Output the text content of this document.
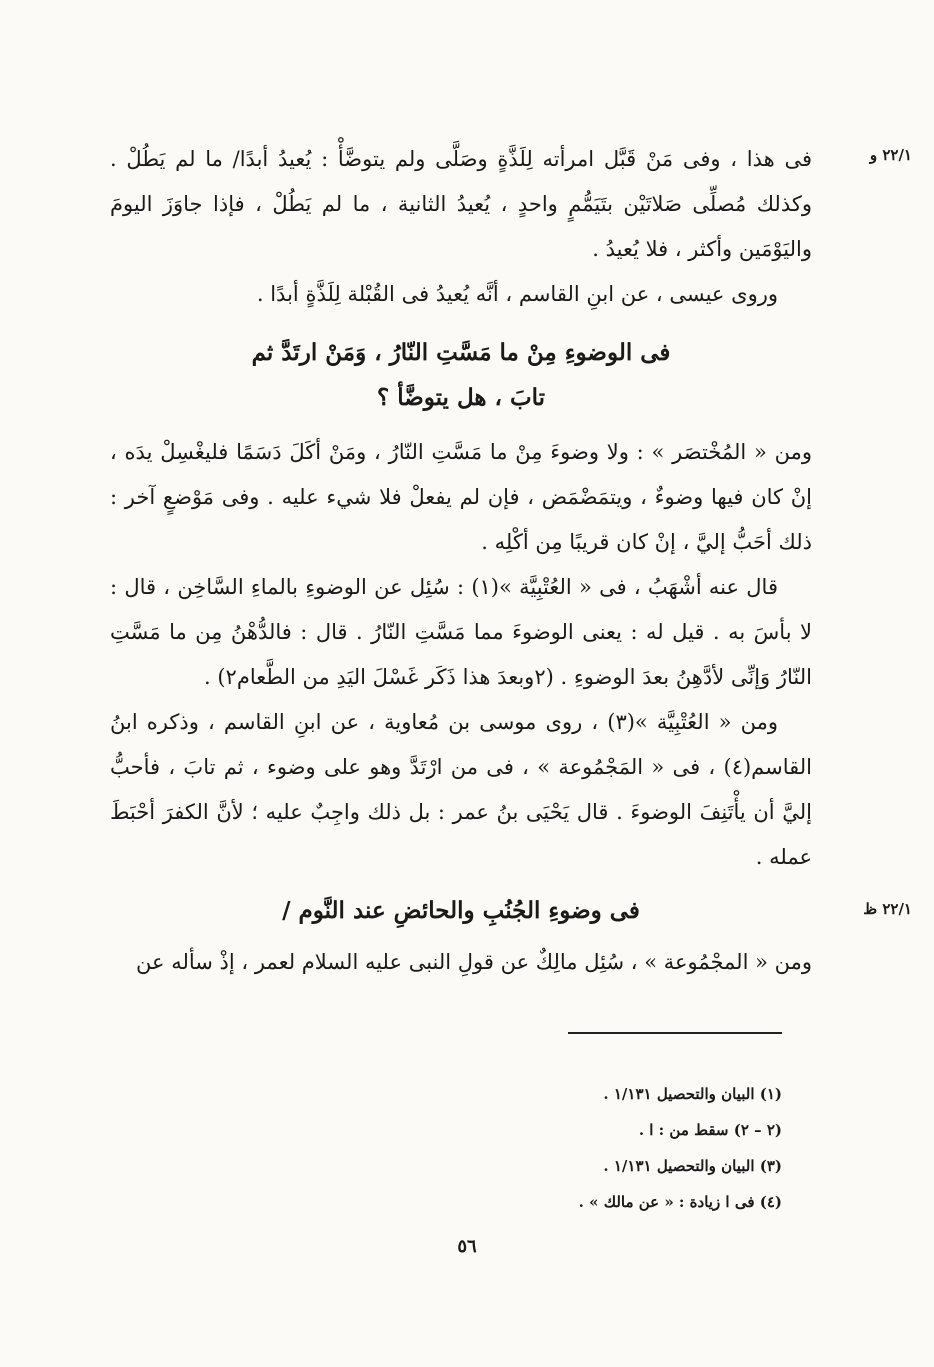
٢٢/١ و

فى هذا ، وفى مَنْ قَبَّل امرأته لِلَذَّةٍ وصَلَّى ولم يتوضَّأْ : يُعيدُ أبدًا/ ما لم يَطُلْ . وكذلك مُصلِّى صَلاتَيْن بتَيَمُّمٍ واحدٍ ، يُعيدُ الثانية ، ما لم يَطُلْ ، فإذا جاوَزَ اليومَ واليَوْمَين وأكثر ، فلا يُعيدُ .

وروى عيسى ، عن ابنِ القاسم ، أنَّه يُعيدُ فى القُبْلة لِلَذَّةٍ أبدًا .

فى الوضوءِ مِنْ ما مَسَّتِ النّارُ ، وَمَنْ ارتَدَّ ثم
تابَ ، هل يتوضَّأ ؟

ومن « المُخْتصَر » : ولا وضوءَ مِنْ ما مَسَّتِ النّارُ ، ومَنْ أكَلَ دَسَمًا فليغْسِلْ يدَه ، إنْ كان فيها وضوءٌ ، ويتمَضْمَض ، فإن لم يفعلْ فلا شيء عليه . وفى مَوْضعٍ آخر : ذلك أحَبُّ إليَّ ، إنْ كان قريبًا مِن أكْلِه .

قال عنه أشْهَبُ ، فى « العُتْبِيَّة »(١) : سُئِل عن الوضوءِ بالماءِ السَّاخِن ، قال : لا بأسَ به . قيل له : يعنى الوضوءَ مما مَسَّتِ النّارُ . قال : فالدُّهْنُ مِن ما مَسَّتِ النّارُ وَإنِّى لأدَّهِنُ بعدَ الوضوءِ . (٢وبعدَ هذا ذَكَر غَسْلَ اليَدِ من الطَّعام٢) .

ومن « العُتْبِيَّة »(٣) ، روى موسى بن مُعاوية ، عن ابنِ القاسم ، وذكره ابنُ القاسم(٤) ، فى « المَجْمُوعة » ، فى من ارْتَدَّ وهو على وضوء ، ثم تابَ ، فأحبُّ إليَّ أن يأْتَنِفَ الوضوءَ . قال يَحْيَى بنُ عمر : بل ذلك واجِبٌ عليه ؛ لأنَّ الكفرَ أحْبَطَ عمله .

٢٢/١ ظ
فى وضوءِ الجُنُبِ والحائضِ عند النَّوم /

ومن « المجْمُوعة » ، سُئِل مالِكٌ عن قولِ النبى عليه السلام لعمر ، إذْ سأله عن

(١) البيان والتحصيل ١/١٣١ .
(٢ – ٢) سقط من : ا .
(٣) البيان والتحصيل ١/١٣١ .
(٤) فى ا زيادة : « عن مالك » .
٥٦
